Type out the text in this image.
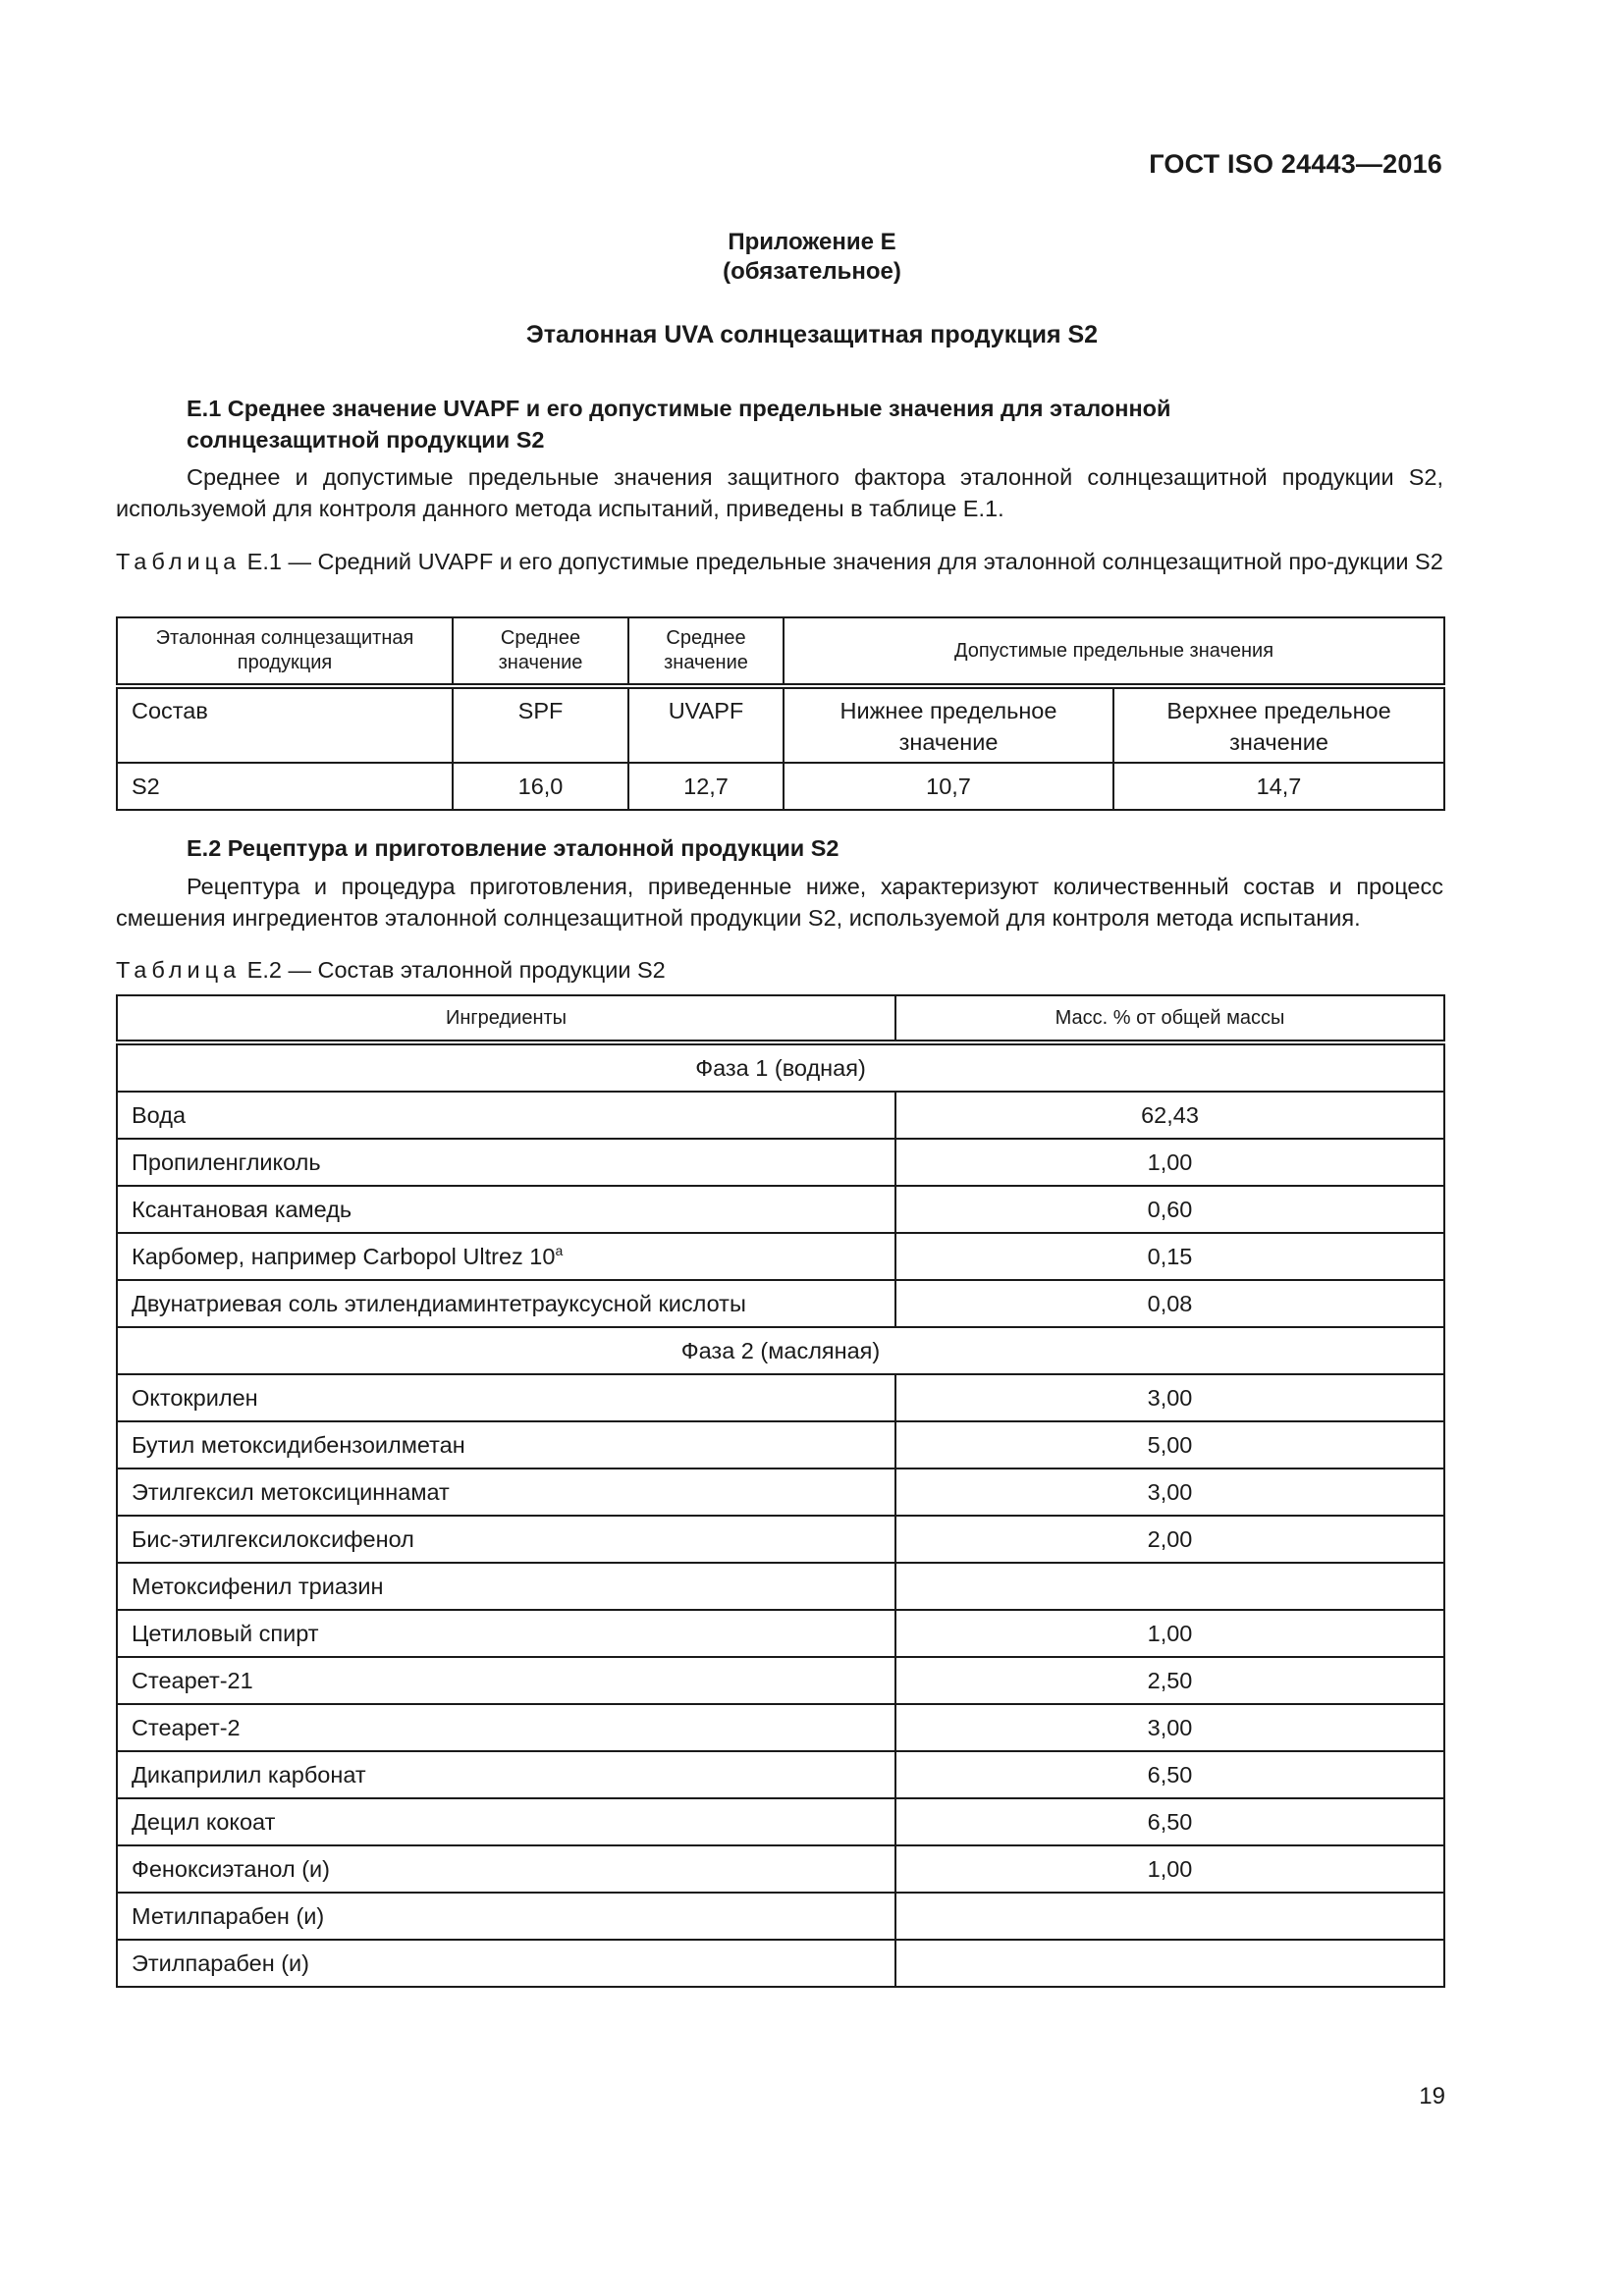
ГОСТ ISO 24443—2016
Приложение Е
(обязательное)
Эталонная UVA солнцезащитная продукция S2
Е.1 Среднее значение UVAPF и его допустимые предельные значения для эталонной
солнцезащитной продукции S2
Среднее и допустимые предельные значения защитного фактора эталонной солнцезащитной продукции S2, используемой для контроля данного метода испытаний, приведены в таблице Е.1.
Таблица Е.1 — Средний UVAPF и его допустимые предельные значения для эталонной солнцезащитной про-дукции S2
Эталонная солнцезащитная продукция	Среднее значение	Среднее значение	Допустимые предельные значения	
Состав	SPF	UVAPF	Нижнее предельное значение	Верхнее предельное значение
S2	16,0	12,7	10,7	14,7
Е.2 Рецептура и приготовление эталонной продукции S2
Рецептура и процедура приготовления, приведенные ниже, характеризуют количественный состав и процесс смешения ингредиентов эталонной солнцезащитной продукции S2, используемой для контроля метода испытания.
Таблица Е.2 — Состав эталонной продукции S2
Ингредиенты	Масс. % от общей массы
Фаза 1 (водная)	
Вода	62,43
Пропиленгликоль	1,00
Ксантановая камедь	0,60
Карбомер, например Carbopol Ultrez 10$^a$	0,15
Двунатриевая соль этилендиаминтетрауксусной кислоты	0,08
Фаза 2 (масляная)	
Октокрилен	3,00
Бутил метоксидибензоилметан	5,00
Этилгексил метоксициннамат	3,00
Бис-этилгексилоксифенол	2,00
Метоксифенил триазин	
Цетиловый спирт	1,00
Стеарет-21	2,50
Стеарет-2	3,00
Дикаприлил карбонат	6,50
Децил кокоат	6,50
Феноксиэтанол (и)	1,00
Метилпарабен (и)	
Этилпарабен (и)	
19
